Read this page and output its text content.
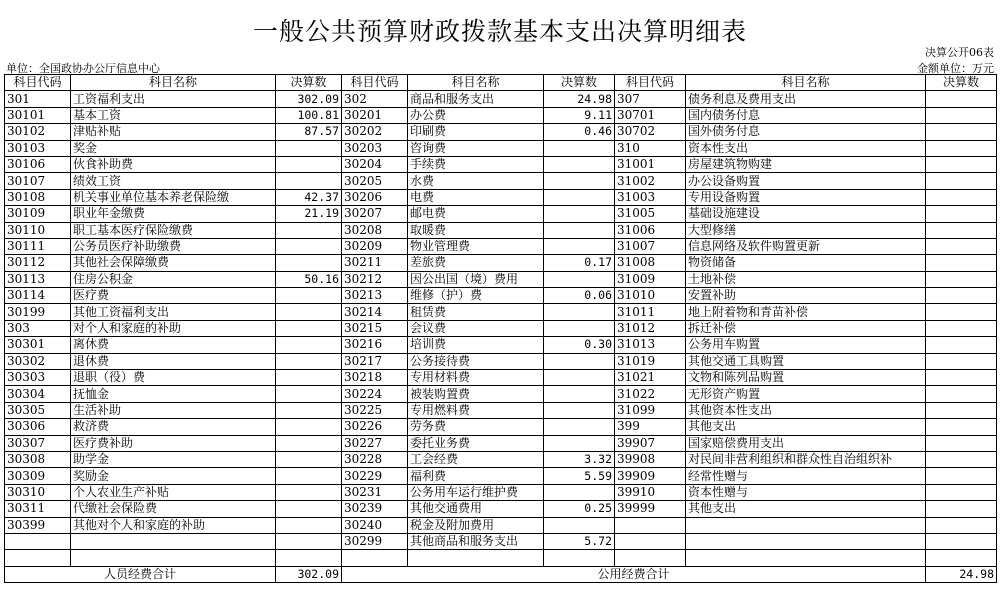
一般公共预算财政拨款基本支出决算明细表
决算公开06表
单位：全国政协办公厅信息中心	金额单位：万元
科目代码	科目名称	决算数	科目代码	科目名称	决算数	科目代码	科目名称	决算数
301	工资福利支出	302.09	302	商品和服务支出	24.98	307	债务利息及费用支出	
30101	基本工资	100.81	30201	办公费	9.11	30701	国内债务付息	
30102	津贴补贴	87.57	30202	印刷费	0.46	30702	国外债务付息	
30103	奖金		30203	咨询费		310	资本性支出	
30106	伙食补助费		30204	手续费		31001	房屋建筑物购建	
30107	绩效工资		30205	水费		31002	办公设备购置	
30108	机关事业单位基本养老保险缴	42.37	30206	电费		31003	专用设备购置	
30109	职业年金缴费	21.19	30207	邮电费		31005	基础设施建设	
30110	职工基本医疗保险缴费		30208	取暖费		31006	大型修缮	
30111	公务员医疗补助缴费		30209	物业管理费		31007	信息网络及软件购置更新	
30112	其他社会保障缴费		30211	差旅费	0.17	31008	物资储备	
30113	住房公积金	50.16	30212	因公出国（境）费用		31009	土地补偿	
30114	医疗费		30213	维修（护）费	0.06	31010	安置补助	
30199	其他工资福利支出		30214	租赁费		31011	地上附着物和青苗补偿	
303	对个人和家庭的补助		30215	会议费		31012	拆迁补偿	
30301	离休费		30216	培训费	0.30	31013	公务用车购置	
30302	退休费		30217	公务接待费		31019	其他交通工具购置	
30303	退职（役）费		30218	专用材料费		31021	文物和陈列品购置	
30304	抚恤金		30224	被装购置费		31022	无形资产购置	
30305	生活补助		30225	专用燃料费		31099	其他资本性支出	
30306	救济费		30226	劳务费		399	其他支出	
30307	医疗费补助		30227	委托业务费		39907	国家赔偿费用支出	
30308	助学金		30228	工会经费	3.32	39908	对民间非营利组织和群众性自治组织补	
30309	奖励金		30229	福利费	5.59	39909	经常性赠与	
30310	个人农业生产补贴		30231	公务用车运行维护费		39910	资本性赠与	
30311	代缴社会保险费		30239	其他交通费用	0.25	39999	其他支出	
30399	其他对个人和家庭的补助		30240	税金及附加费用				
			30299	其他商品和服务支出	5.72			

人员经费合计		302.09	公用经费合计					24.98
